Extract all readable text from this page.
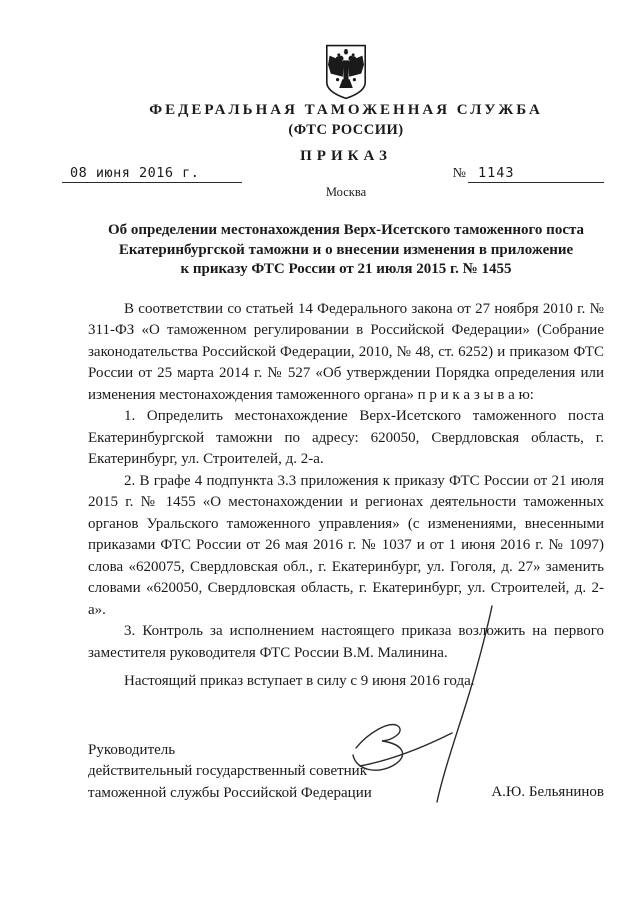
ФЕДЕРАЛЬНАЯ ТАМОЖЕННАЯ СЛУЖБА
(ФТС РОССИИ)
ПРИКАЗ
08 июня 2016 г.	№ 1143
Москва
Об определении местонахождения Верх-Исетского таможенного поста
Екатеринбургской таможни и о внесении изменения в приложение
к приказу ФТС России от 21 июля 2015 г. № 1455

В соответствии со статьей 14 Федерального закона от 27 ноября 2010 г. № 311-ФЗ «О таможенном регулировании в Российской Федерации» (Собрание законодательства Российской Федерации, 2010, № 48, ст. 6252) и приказом ФТС России от 25 марта 2014 г. № 527 «Об утверждении Порядка определения или изменения местонахождения таможенного органа» п р и к а з ы в а ю:

1. Определить местонахождение Верх-Исетского таможенного поста Екатеринбургской таможни по адресу: 620050, Свердловская область, г. Екатеринбург, ул. Строителей, д. 2-а.

2. В графе 4 подпункта 3.3 приложения к приказу ФТС России от 21 июля 2015 г. № 1455 «О местонахождении и регионах деятельности таможенных органов Уральского таможенного управления» (с изменениями, внесенными приказами ФТС России от 26 мая 2016 г. № 1037 и от 1 июня 2016 г. № 1097) слова «620075, Свердловская обл., г. Екатеринбург, ул. Гоголя, д. 27» заменить словами «620050, Свердловская область, г. Екатеринбург, ул. Строителей, д. 2-а».

3. Контроль за исполнением настоящего приказа возложить на первого заместителя руководителя ФТС России В.М. Малинина.

Настоящий приказ вступает в силу с 9 июня 2016 года.

Руководитель
действительный государственный советник
таможенной службы Российской Федерации	А.Ю. Бельянинов
